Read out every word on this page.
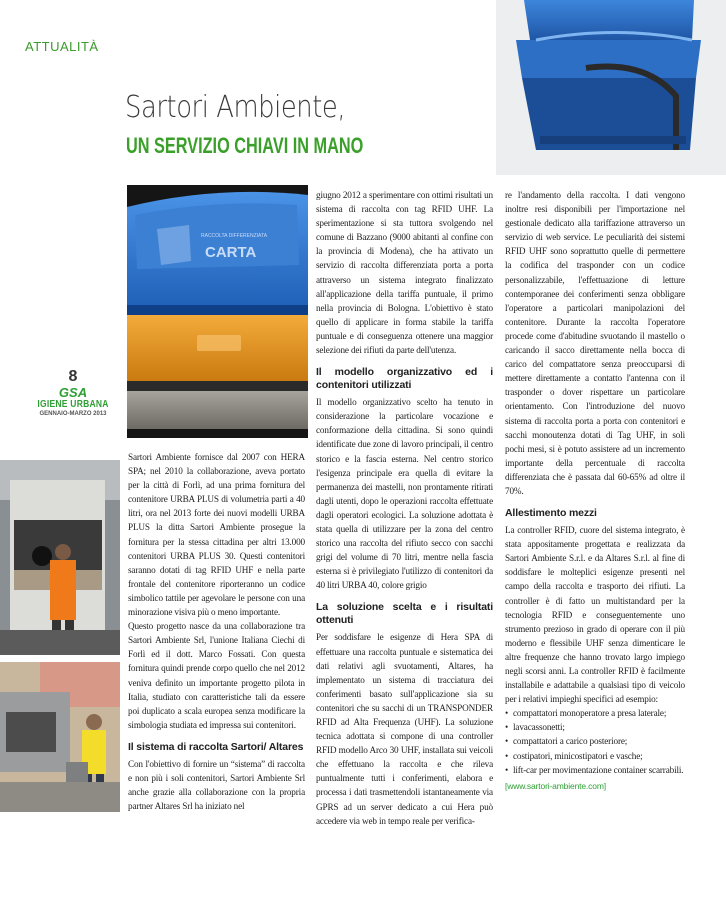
ATTUALITÀ
Sartori Ambiente,
UN SERVIZIO CHIAVI IN MANO
CARTA
RACCOLTA DIFFERENZIATA
8
GSA
IGIENE URBANA
GENNAIO-MARZO 2013

Sartori Ambiente fornisce dal 2007 con HERA SPA; nel 2010 la collaborazione, aveva portato per la città di Forlì, ad una prima fornitura del contenitore URBA PLUS di volumetria parti a 40 litri, ora nel 2013 forte dei nuovi modelli URBA PLUS la ditta Sartori Ambiente prosegue la fornitura per la stessa cittadina per altri 13.000 contenitori URBA PLUS 30. Questi contenitori saranno dotati di tag RFID UHF e nella parte frontale del contenitore riporteranno un codice simbolico tattile per agevolare le persone con una minorazione visiva più o meno importante.

Questo progetto nasce da una collaborazione tra Sartori Ambiente Srl, l'unione Italiana Ciechi di Forlì ed il dott. Marco Fossati. Con questa fornitura quindi prende corpo quello che nel 2012 veniva definito un importante progetto pilota in Italia, studiato con caratteristiche tali da essere poi duplicato a scala europea senza modificare la simbologia studiata ed impressa sui contenitori.

Il sistema di raccolta Sartori/ Altares

Con l'obiettivo di fornire un “sistema” di raccolta e non più i soli contenitori, Sartori Ambiente Srl anche grazie alla collaborazione con la propria partner Altares Srl ha iniziato nel

giugno 2012 a sperimentare con ottimi risultati un sistema di raccolta con tag RFID UHF. La sperimentazione si sta tuttora svolgendo nel comune di Bazzano (9000 abitanti al confine con la provincia di Modena), che ha attivato un servizio di raccolta differenziata porta a porta attraverso un sistema integrato finalizzato all'applicazione della tariffa puntuale, il primo nella provincia di Bologna. L'obiettivo è stato quello di applicare in forma stabile la tariffa puntuale e di conseguenza ottenere una maggior selezione dei rifiuti da parte dell'utenza.

Il modello organizzativo ed i contenitori utilizzati

Il modello organizzativo scelto ha tenuto in considerazione la particolare vocazione e conformazione della cittadina. Si sono quindi identificate due zone di lavoro principali, il centro storico e la fascia esterna. Nel centro storico l'esigenza principale era quella di evitare la permanenza dei mastelli, non prontamente ritirati dagli utenti, dopo le operazioni raccolta effettuate dagli operatori ecologici. La soluzione adottata è stata quella di utilizzare per la zona del centro storico una raccolta del rifiuto secco con sacchi grigi del volume di 70 litri, mentre nella fascia esterna si è privilegiato l'utilizzo di contenitori da 40 litri URBA 40, colore grigio

La soluzione scelta e i risultati ottenuti

Per soddisfare le esigenze di Hera SPA di effettuare una raccolta puntuale e sistematica dei dati relativi agli svuotamenti, Altares, ha implementato un sistema di tracciatura dei conferimenti basato sull'applicazione sia su contenitori che su sacchi di un TRANSPONDER RFID ad Alta Frequenza (UHF). La soluzione tecnica adottata si compone di una controller RFID modello Arco 30 UHF, installata sui veicoli che effettuano la raccolta e che rileva puntualmente tutti i conferimenti, elabora e processa i dati trasmettendoli istantaneamente via GPRS ad un server dedicato a cui Hera può accedere via web in tempo reale per verifica-

re l'andamento della raccolta. I dati vengono inoltre resi disponibili per l'importazione nel gestionale dedicato alla tariffazione attraverso un servizio di web service. Le peculiarità dei sistemi RFID UHF sono soprattutto quelle di permettere la codifica del trasponder con un codice personalizzabile, l'effettuazione di letture contemporanee dei conferimenti senza obbligare l'operatore a particolari manipolazioni del contenitore. Durante la raccolta l'operatore procede come d'abitudine svuotando il mastello o caricando il sacco direttamente nella bocca di carico del compattatore senza preoccuparsi di mettere direttamente a contatto l'antenna con il trasponder o dover rispettare un particolare orientamento. Con l'introduzione del nuovo sistema di raccolta porta a porta con contenitori e sacchi monoutenza dotati di Tag UHF, in soli pochi mesi, si è potuto assistere ad un incremento importante della percentuale di raccolta differenziata che è passata dal 60-65% ad oltre il 70%.

Allestimento mezzi

La controller RFID, cuore del sistema integrato, è stata appositamente progettata e realizzata da Sartori Ambiente S.r.l. e da Altares S.r.l. al fine di soddisfare le molteplici esigenze presenti nel campo della raccolta e trasporto dei rifiuti. La controller è di fatto un multistandard per la tecnologia RFID e conseguentemente uno strumento prezioso in grado di operare con il più moderno e flessibile UHF senza dimenticare le altre frequenze che hanno trovato largo impiego negli scorsi anni. La controller RFID è facilmente installabile e adattabile a qualsiasi tipo di veicolo per i relativi impieghi specifici ad esempio:

• compattatori monoperatore a presa laterale;
• lavacassonetti;
• compattatori a carico posteriore;
• costipatori, minicostipatori e vasche;
• lift-car per movimentazione container scarrabili.
[www.sartori-ambiente.com]
